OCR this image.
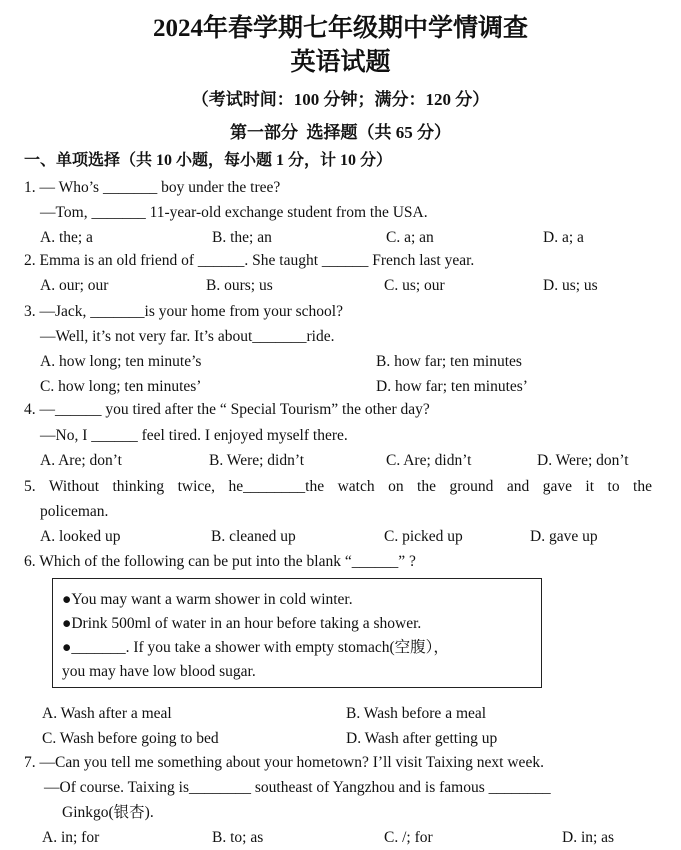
2024年春学期七年级期中学情调查
英语试题
（考试时间：100 分钟；满分：120 分）
第一部分  选择题（共 65 分）
一、单项选择（共 10 小题，每小题 1 分，计 10 分）
1. — Who’s _______ boy under the tree?
—Tom, _______ 11-year-old exchange student from the USA.
A. the; a	B. the; an	C. a; an	D. a; a
2. Emma is an old friend of ______. She taught ______ French last year.
A. our; our	B. ours; us	C. us; our	D. us; us
3. —Jack, _______is your home from your school?
—Well, it’s not very far. It’s about_______ride.
A. how long; ten minute’s	B. how far; ten minutes
C. how long; ten minutes’	D. how far; ten minutes’
4. —______ you tired after the “ Special Tourism” the other day?
—No, I ______ feel tired. I enjoyed myself there.
A. Are; don’t	B. Were; didn’t	C. Are; didn’t	D. Were; don’t
5. Without thinking twice, he________the watch on the ground and gave it to the
policeman.
A. looked up	B. cleaned up	C. picked up	D. gave up
6. Which of the following can be put into the blank “______” ?
●You may want a warm shower in cold winter.
●Drink 500ml of water in an hour before taking a shower.
●_______. If you take a shower with empty stomach(空腹），
you may have low blood sugar.
A. Wash after a meal	B. Wash before a meal
C. Wash before going to bed	D. Wash after getting up
7. —Can you tell me something about your hometown? I’ll visit Taixing next week.
—Of course. Taixing is________ southeast of Yangzhou and is famous ________
Ginkgo(银杏).
A. in; for	B. to; as	C. /; for	D. in; as
